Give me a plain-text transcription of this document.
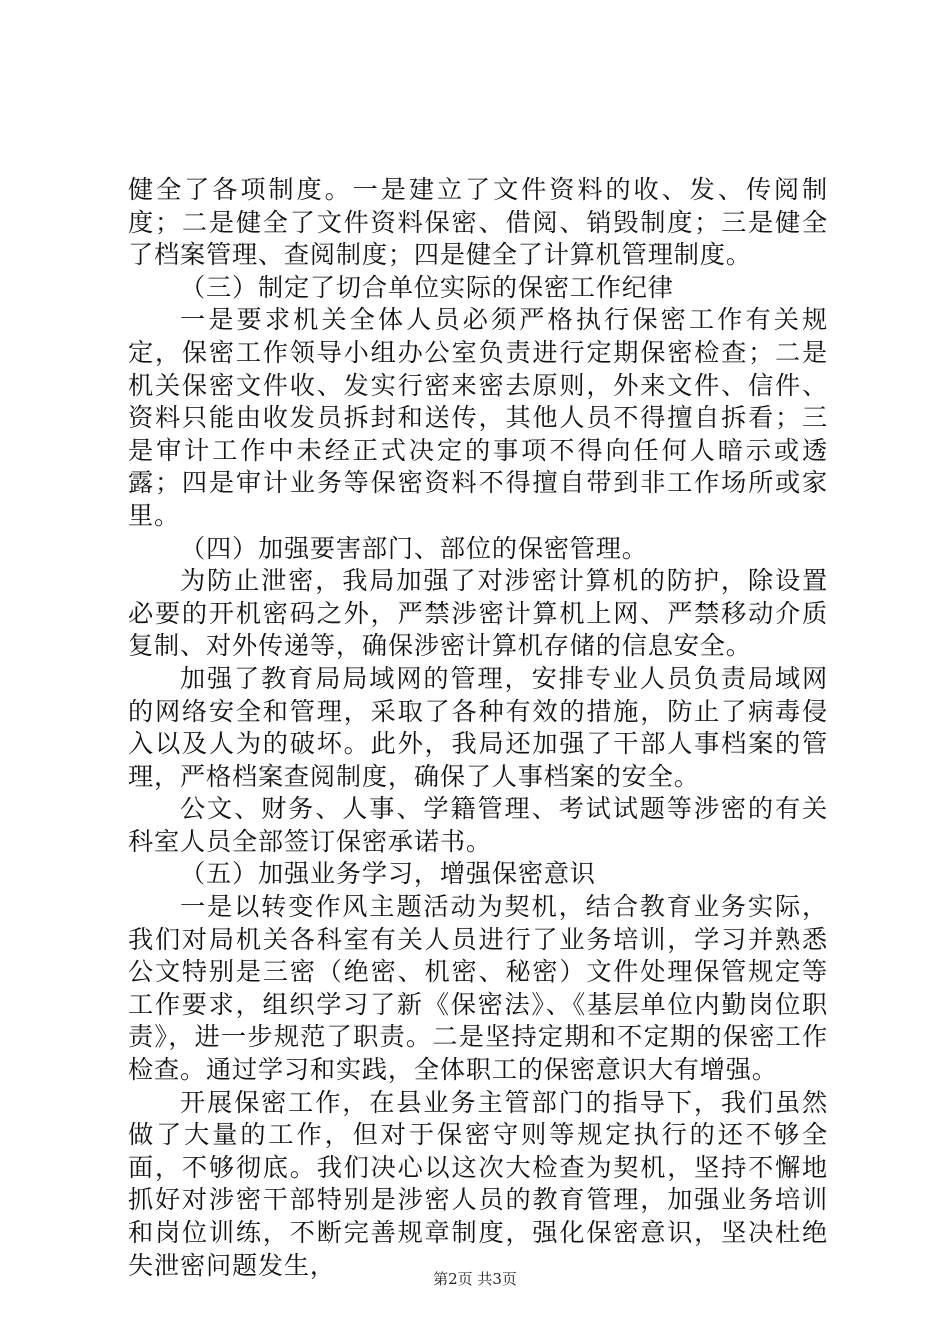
健全了各项制度。一是建立了文件资料的收、发、传阅制度；二是健全了文件资料保密、借阅、销毁制度；三是健全了档案管理、查阅制度；四是健全了计算机管理制度。

（三）制定了切合单位实际的保密工作纪律

一是要求机关全体人员必须严格执行保密工作有关规定，保密工作领导小组办公室负责进行定期保密检查；二是机关保密文件收、发实行密来密去原则，外来文件、信件、资料只能由收发员拆封和送传，其他人员不得擅自拆看；三是审计工作中未经正式决定的事项不得向任何人暗示或透露；四是审计业务等保密资料不得擅自带到非工作场所或家里。

（四）加强要害部门、部位的保密管理。

为防止泄密，我局加强了对涉密计算机的防护，除设置必要的开机密码之外，严禁涉密计算机上网、严禁移动介质复制、对外传递等，确保涉密计算机存储的信息安全。

加强了教育局局域网的管理，安排专业人员负责局域网的网络安全和管理，采取了各种有效的措施，防止了病毒侵入以及人为的破坏。此外，我局还加强了干部人事档案的管理，严格档案查阅制度，确保了人事档案的安全。

公文、财务、人事、学籍管理、考试试题等涉密的有关科室人员全部签订保密承诺书。

（五）加强业务学习，增强保密意识

一是以转变作风主题活动为契机，结合教育业务实际，我们对局机关各科室有关人员进行了业务培训，学习并熟悉公文特别是三密（绝密、机密、秘密）文件处理保管规定等工作要求，组织学习了新《保密法》、《基层单位内勤岗位职责》，进一步规范了职责。二是坚持定期和不定期的保密工作检查。通过学习和实践，全体职工的保密意识大有增强。

开展保密工作，在县业务主管部门的指导下，我们虽然做了大量的工作，但对于保密守则等规定执行的还不够全面，不够彻底。我们决心以这次大检查为契机，坚持不懈地抓好对涉密干部特别是涉密人员的教育管理，加强业务培训和岗位训练，不断完善规章制度，强化保密意识，坚决杜绝失泄密问题发生，	第2页 共3页
